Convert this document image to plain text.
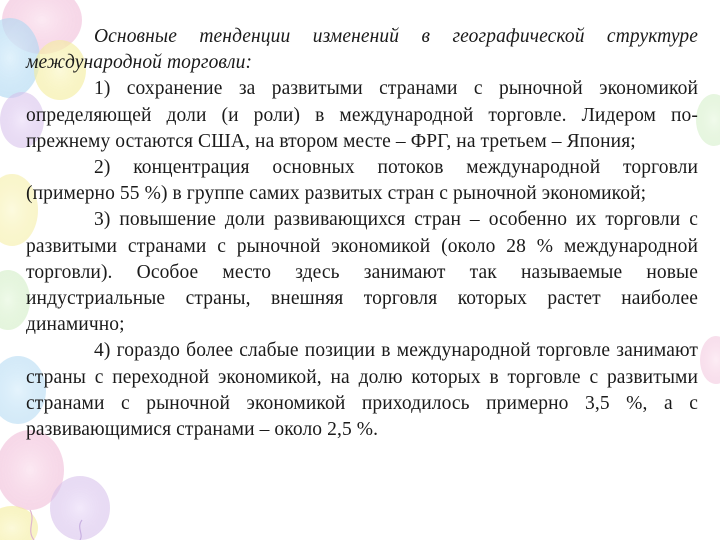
Основные тенденции изменений в географической структуре международной торговли:

1) сохранение за развитыми странами с рыночной экономикой определяющей доли (и роли) в международной торговле. Лидером по-прежнему остаются США, на втором месте – ФРГ, на третьем – Япония;

2) концентрация основных потоков международной торговли (примерно 55 %) в группе самих развитых стран с рыночной экономикой;

3) повышение доли развивающихся стран – особенно их торговли с развитыми странами с рыночной экономикой (около 28 % международной торговли). Особое место здесь занимают так называемые новые индустриальные страны, внешняя торговля которых растет наиболее динамично;

4) гораздо более слабые позиции в международной торговле занимают страны с переходной экономикой, на долю которых в торговле с развитыми странами с рыночной экономикой приходилось примерно 3,5 %, а с развивающимися странами – около 2,5 %.
